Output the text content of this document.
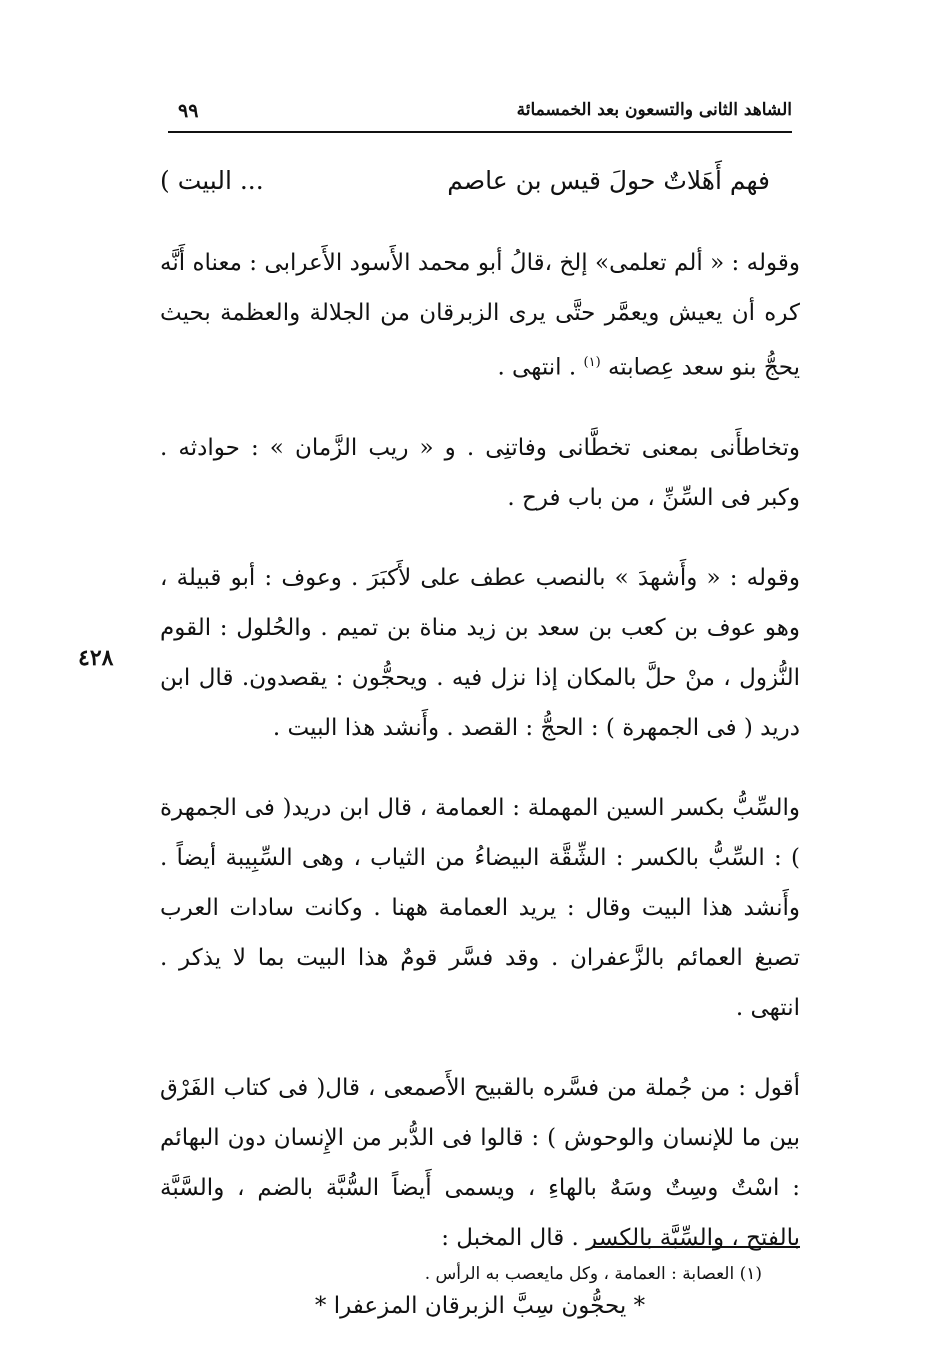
الشاهد الثانى والتسعون بعد الخمسمائة
٩٩
فهم أَهَلاتٌ حولَ قيس بن عاصم
... البيت )

وقوله : « ألم تعلمى» إلخ ،قالُ أبو محمد الأَسود الأَعرابى : معناه أَنَّه كره أن يعيش ويعمَّر حتَّى يرى الزبرقان من الجلالة والعظمة بحيث يحجُّ بنو سعد عِصابته $^{(١)}$ . انتهى .

وتخاطأَنى بمعنى تخطَّانى وفاتنِى . و « ريب الزَّمان » : حوادثه . وكبر فى السِّنِّ ، من باب فرح .

وقوله : « وأَشهدَ » بالنصب عطف على لأَكبَرَ . وعوف : أبو قبيلة ، وهو عوف بن كعب بن سعد بن زيد مناة بن تميم . والحُلول : القوم النُّزول ، منْ حلَّ بالمكان إذا نزل فيه . ويحجُّون : يقصدون. قال ابن دريد ( فى الجمهرة ) : الحجُّ : القصد . وأَنشد هذا البيت .

والسِّبُّ بكسر السين المهملة : العمامة ، قال ابن دريد( فى الجمهرة ) : السِّبُّ بالكسر : الشِّقَّة البيضاءُ من الثياب ، وهى السِّبِيبة أيضاً . وأَنشد هذا البيت وقال : يريد العمامة ههنا . وكانت سادات العرب تصبغ العمائم بالزَّعفران . وقد فسَّر قومٌ هذا البيت بما لا يذكر . انتهى .

أقول : من جُملة من فسَّره بالقبيح الأَصمعى ، قال( فى كتاب الفَرْق بين ما للإنسان والوحوش ) : قالوا فى الدُّبر من الإِنسان دون البهائم : اسْتٌ وسِتٌ وسَهٌ بالهاءِ ، ويسمى أَيضاً السُّبَّة بالضم ، والسَّبَّة بالفتح ، والسِّبَّة بالكسر . قال المخبل :

* يحجُّون سِبَّ الزبرقان المزعفرا *

٤٢٨
(١) العصابة : العمامة ، وكل مايعصب به الرأس .
